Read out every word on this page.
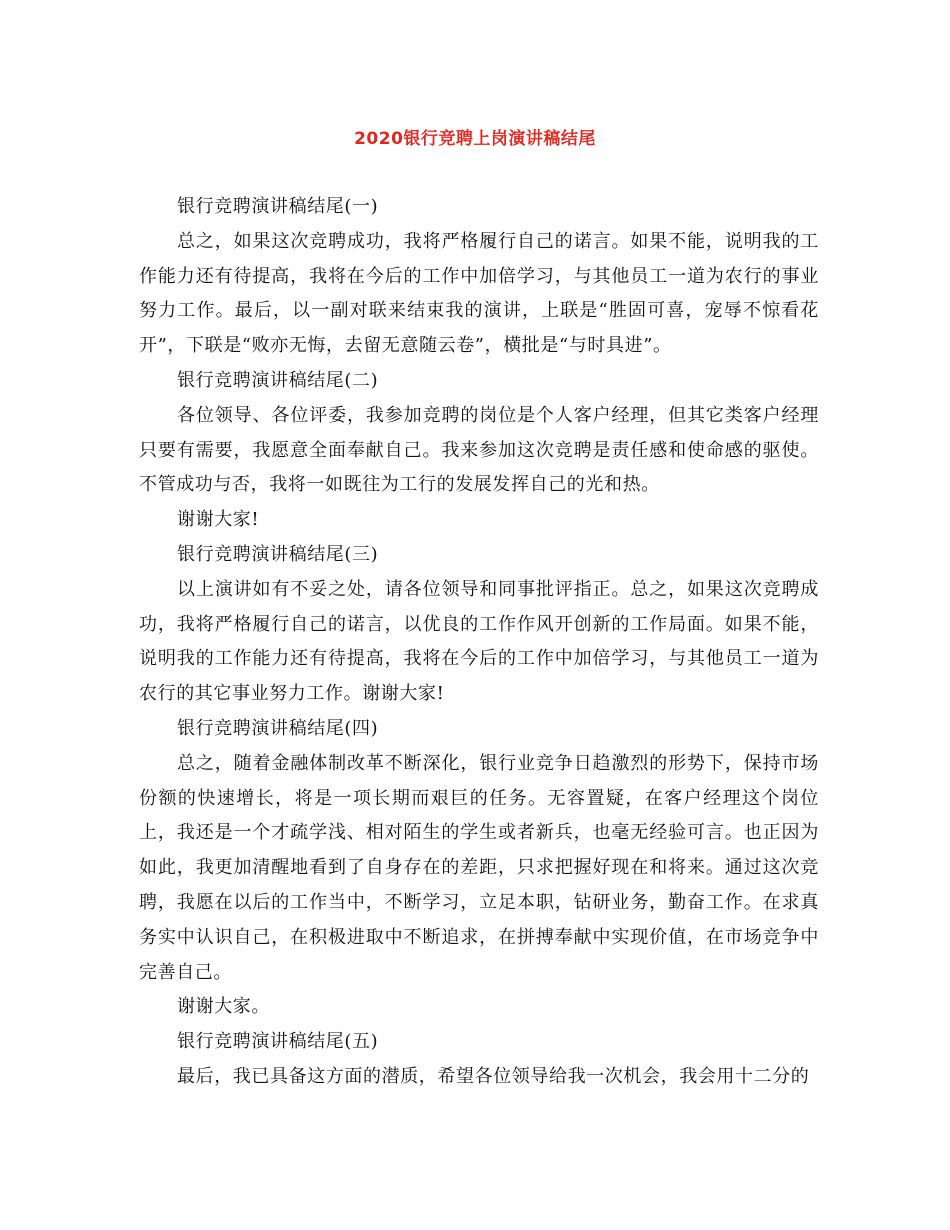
2020银行竞聘上岗演讲稿结尾

银行竞聘演讲稿结尾(一)

总之，如果这次竞聘成功，我将严格履行自己的诺言。如果不能，说明我的工作能力还有待提高，我将在今后的工作中加倍学习，与其他员工一道为农行的事业努力工作。最后，以一副对联来结束我的演讲，上联是“胜固可喜，宠辱不惊看花开”，下联是“败亦无悔，去留无意随云卷”，横批是“与时具进”。

银行竞聘演讲稿结尾(二)

各位领导、各位评委，我参加竞聘的岗位是个人客户经理，但其它类客户经理只要有需要，我愿意全面奉献自己。我来参加这次竞聘是责任感和使命感的驱使。不管成功与否，我将一如既往为工行的发展发挥自己的光和热。

谢谢大家!

银行竞聘演讲稿结尾(三)

以上演讲如有不妥之处，请各位领导和同事批评指正。总之，如果这次竞聘成功，我将严格履行自己的诺言，以优良的工作作风开创新的工作局面。如果不能，说明我的工作能力还有待提高，我将在今后的工作中加倍学习，与其他员工一道为农行的其它事业努力工作。谢谢大家!

银行竞聘演讲稿结尾(四)

总之，随着金融体制改革不断深化，银行业竞争日趋激烈的形势下，保持市场份额的快速增长，将是一项长期而艰巨的任务。无容置疑，在客户经理这个岗位上，我还是一个才疏学浅、相对陌生的学生或者新兵，也毫无经验可言。也正因为如此，我更加清醒地看到了自身存在的差距，只求把握好现在和将来。通过这次竞聘，我愿在以后的工作当中，不断学习，立足本职，钻研业务，勤奋工作。在求真务实中认识自己，在积极进取中不断追求，在拼搏奉献中实现价值，在市场竞争中完善自己。

谢谢大家。

银行竞聘演讲稿结尾(五)

最后，我已具备这方面的潜质，希望各位领导给我一次机会，我会用十二分的
